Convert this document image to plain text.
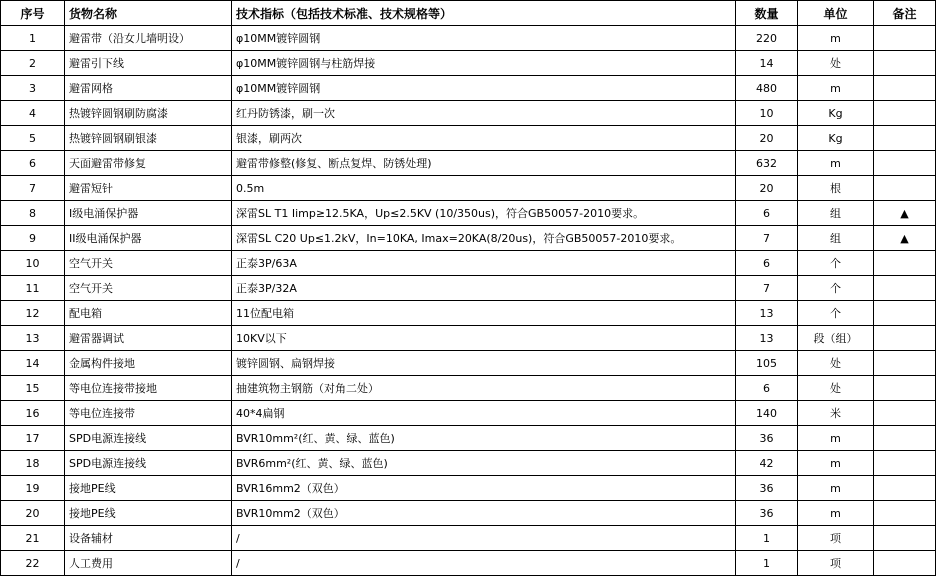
序号	货物名称	技术指标（包括技术标准、技术规格等）	数量	单位	备注
1	避雷带（沿女儿墙明设）	φ10MM镀锌圆钢	220	m	
2	避雷引下线	φ10MM镀锌圆钢与柱筋焊接	14	处	
3	避雷网格	φ10MM镀锌圆钢	480	m	
4	热镀锌圆钢刷防腐漆	红丹防锈漆，刷一次	10	Kg	
5	热镀锌圆钢刷银漆	银漆，刷两次	20	Kg	
6	天面避雷带修复	避雷带修整(修复、断点复焊、防锈处理)	632	m	
7	避雷短针	0.5m	20	根	
8	I级电涌保护器	深雷SL T1 Iimp≥12.5KA，Up≤2.5KV (10/350us)，符合GB50057-2010要求。	6	组	▲
9	II级电涌保护器	深雷SL C20 Up≤1.2kV，In=10KA, Imax=20KA(8/20us)，符合GB50057-2010要求。	7	组	▲
10	空气开关	正泰3P/63A	6	个	
11	空气开关	正泰3P/32A	7	个	
12	配电箱	11位配电箱	13	个	
13	避雷器调试	10KV以下	13	段（组）	
14	金属构件接地	镀锌圆钢、扁钢焊接	105	处	
15	等电位连接带接地	抽建筑物主钢筋（对角二处）	6	处	
16	等电位连接带	40*4扁钢	140	米	
17	SPD电源连接线	BVR10mm²(红、黄、绿、蓝色)	36	m	
18	SPD电源连接线	BVR6mm²(红、黄、绿、蓝色)	42	m	
19	接地PE线	BVR16mm2（双色）	36	m	
20	接地PE线	BVR10mm2（双色）	36	m	
21	设备辅材	/	1	项	
22	人工费用	/	1	项	
